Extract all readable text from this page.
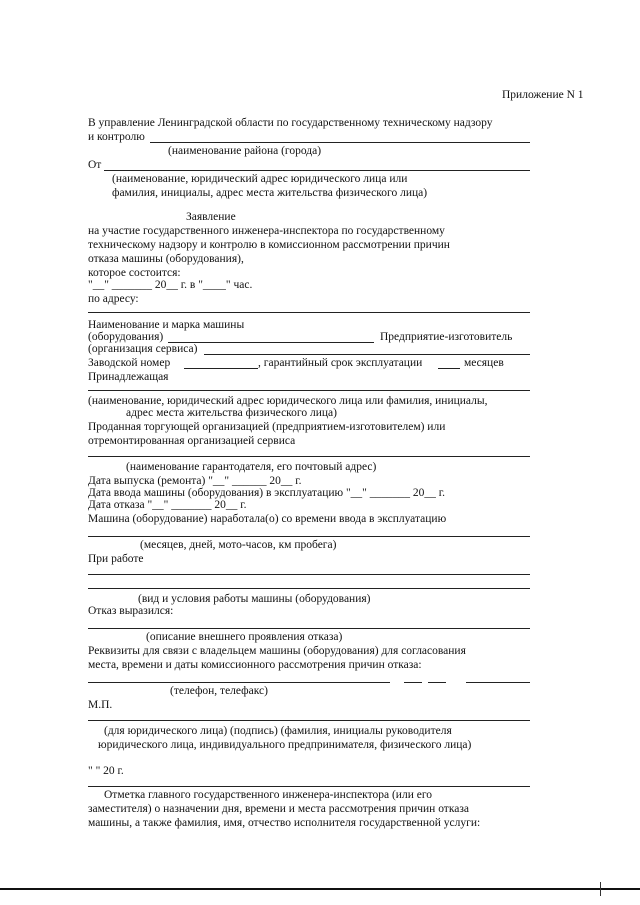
Приложение N 1
В управление Ленинградской области по государственному техническому надзору
и контролю
(наименование района (города)
От
(наименование, юридический адрес юридического лица или
фамилия, инициалы, адрес места жительства физического лица)
Заявление
на участие государственного инженера-инспектора по государственному
техническому надзору и контролю в комиссионном рассмотрении причин
отказа машины (оборудования),
которое состоится:
"__" _______ 20__ г. в "____" час.
по адресу:
Наименование и марка машины
(оборудования)	Предприятие-изготовитель
(организация сервиса)
Заводской номер	, гарантийный срок эксплуатации	месяцев
Принадлежащая
(наименование, юридический адрес юридического лица или фамилия, инициалы,
адрес места жительства физического лица)
Проданная торгующей организацией (предприятием-изготовителем) или
отремонтированная организацией сервиса
(наименование гарантодателя, его почтовый адрес)
Дата выпуска (ремонта) "__" ______ 20__ г.
Дата ввода машины (оборудования) в эксплуатацию "__" _______ 20__ г.
Дата отказа "__" _______ 20__ г.
Машина (оборудование) наработала(о) со времени ввода в эксплуатацию
(месяцев, дней, мото-часов, км пробега)
При работе
(вид и условия работы машины (оборудования)
Отказ выразился:
(описание внешнего проявления отказа)
Реквизиты для связи с владельцем машины (оборудования) для согласования
места, времени и даты комиссионного рассмотрения причин отказа:
(телефон, телефакс)
М.П.
(для юридического лица) (подпись) (фамилия, инициалы руководителя
юридического лица, индивидуального предпринимателя, физического лица)
" " 20 г.
Отметка главного государственного инженера-инспектора (или его
заместителя) о назначении дня, времени и места рассмотрения причин отказа
машины, а также фамилия, имя, отчество исполнителя государственной услуги:
